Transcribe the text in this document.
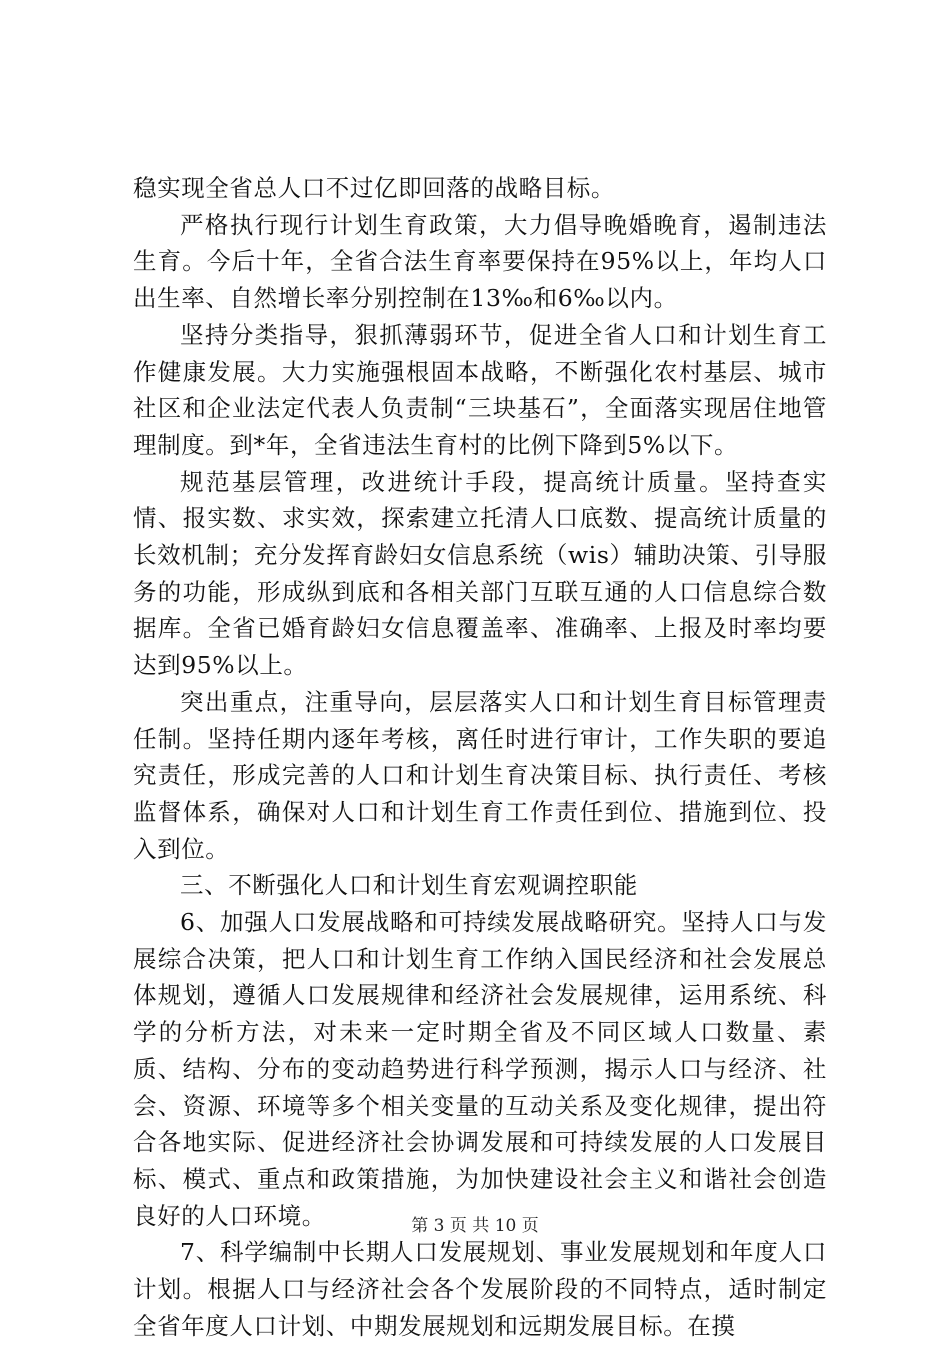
稳实现全省总人口不过亿即回落的战略目标。

严格执行现行计划生育政策，大力倡导晚婚晚育，遏制违法生育。今后十年，全省合法生育率要保持在95%以上，年均人口出生率、自然增长率分别控制在13‰和6‰以内。

坚持分类指导，狠抓薄弱环节，促进全省人口和计划生育工作健康发展。大力实施强根固本战略，不断强化农村基层、城市社区和企业法定代表人负责制“三块基石”，全面落实现居住地管理制度。到*年，全省违法生育村的比例下降到5%以下。

规范基层管理，改进统计手段，提高统计质量。坚持查实情、报实数、求实效，探索建立托清人口底数、提高统计质量的长效机制；充分发挥育龄妇女信息系统（wis）辅助决策、引导服务的功能，形成纵到底和各相关部门互联互通的人口信息综合数据库。全省已婚育龄妇女信息覆盖率、准确率、上报及时率均要达到95%以上。

突出重点，注重导向，层层落实人口和计划生育目标管理责任制。坚持任期内逐年考核，离任时进行审计，工作失职的要追究责任，形成完善的人口和计划生育决策目标、执行责任、考核监督体系，确保对人口和计划生育工作责任到位、措施到位、投入到位。

三、不断强化人口和计划生育宏观调控职能

6、加强人口发展战略和可持续发展战略研究。坚持人口与发展综合决策，把人口和计划生育工作纳入国民经济和社会发展总体规划，遵循人口发展规律和经济社会发展规律，运用系统、科学的分析方法，对未来一定时期全省及不同区域人口数量、素质、结构、分布的变动趋势进行科学预测，揭示人口与经济、社会、资源、环境等多个相关变量的互动关系及变化规律，提出符合各地实际、促进经济社会协调发展和可持续发展的人口发展目标、模式、重点和政策措施，为加快建设社会主义和谐社会创造良好的人口环境。

7、科学编制中长期人口发展规划、事业发展规划和年度人口计划。根据人口与经济社会各个发展阶段的不同特点，适时制定全省年度人口计划、中期发展规划和远期发展目标。在摸

第 3 页 共 10 页
